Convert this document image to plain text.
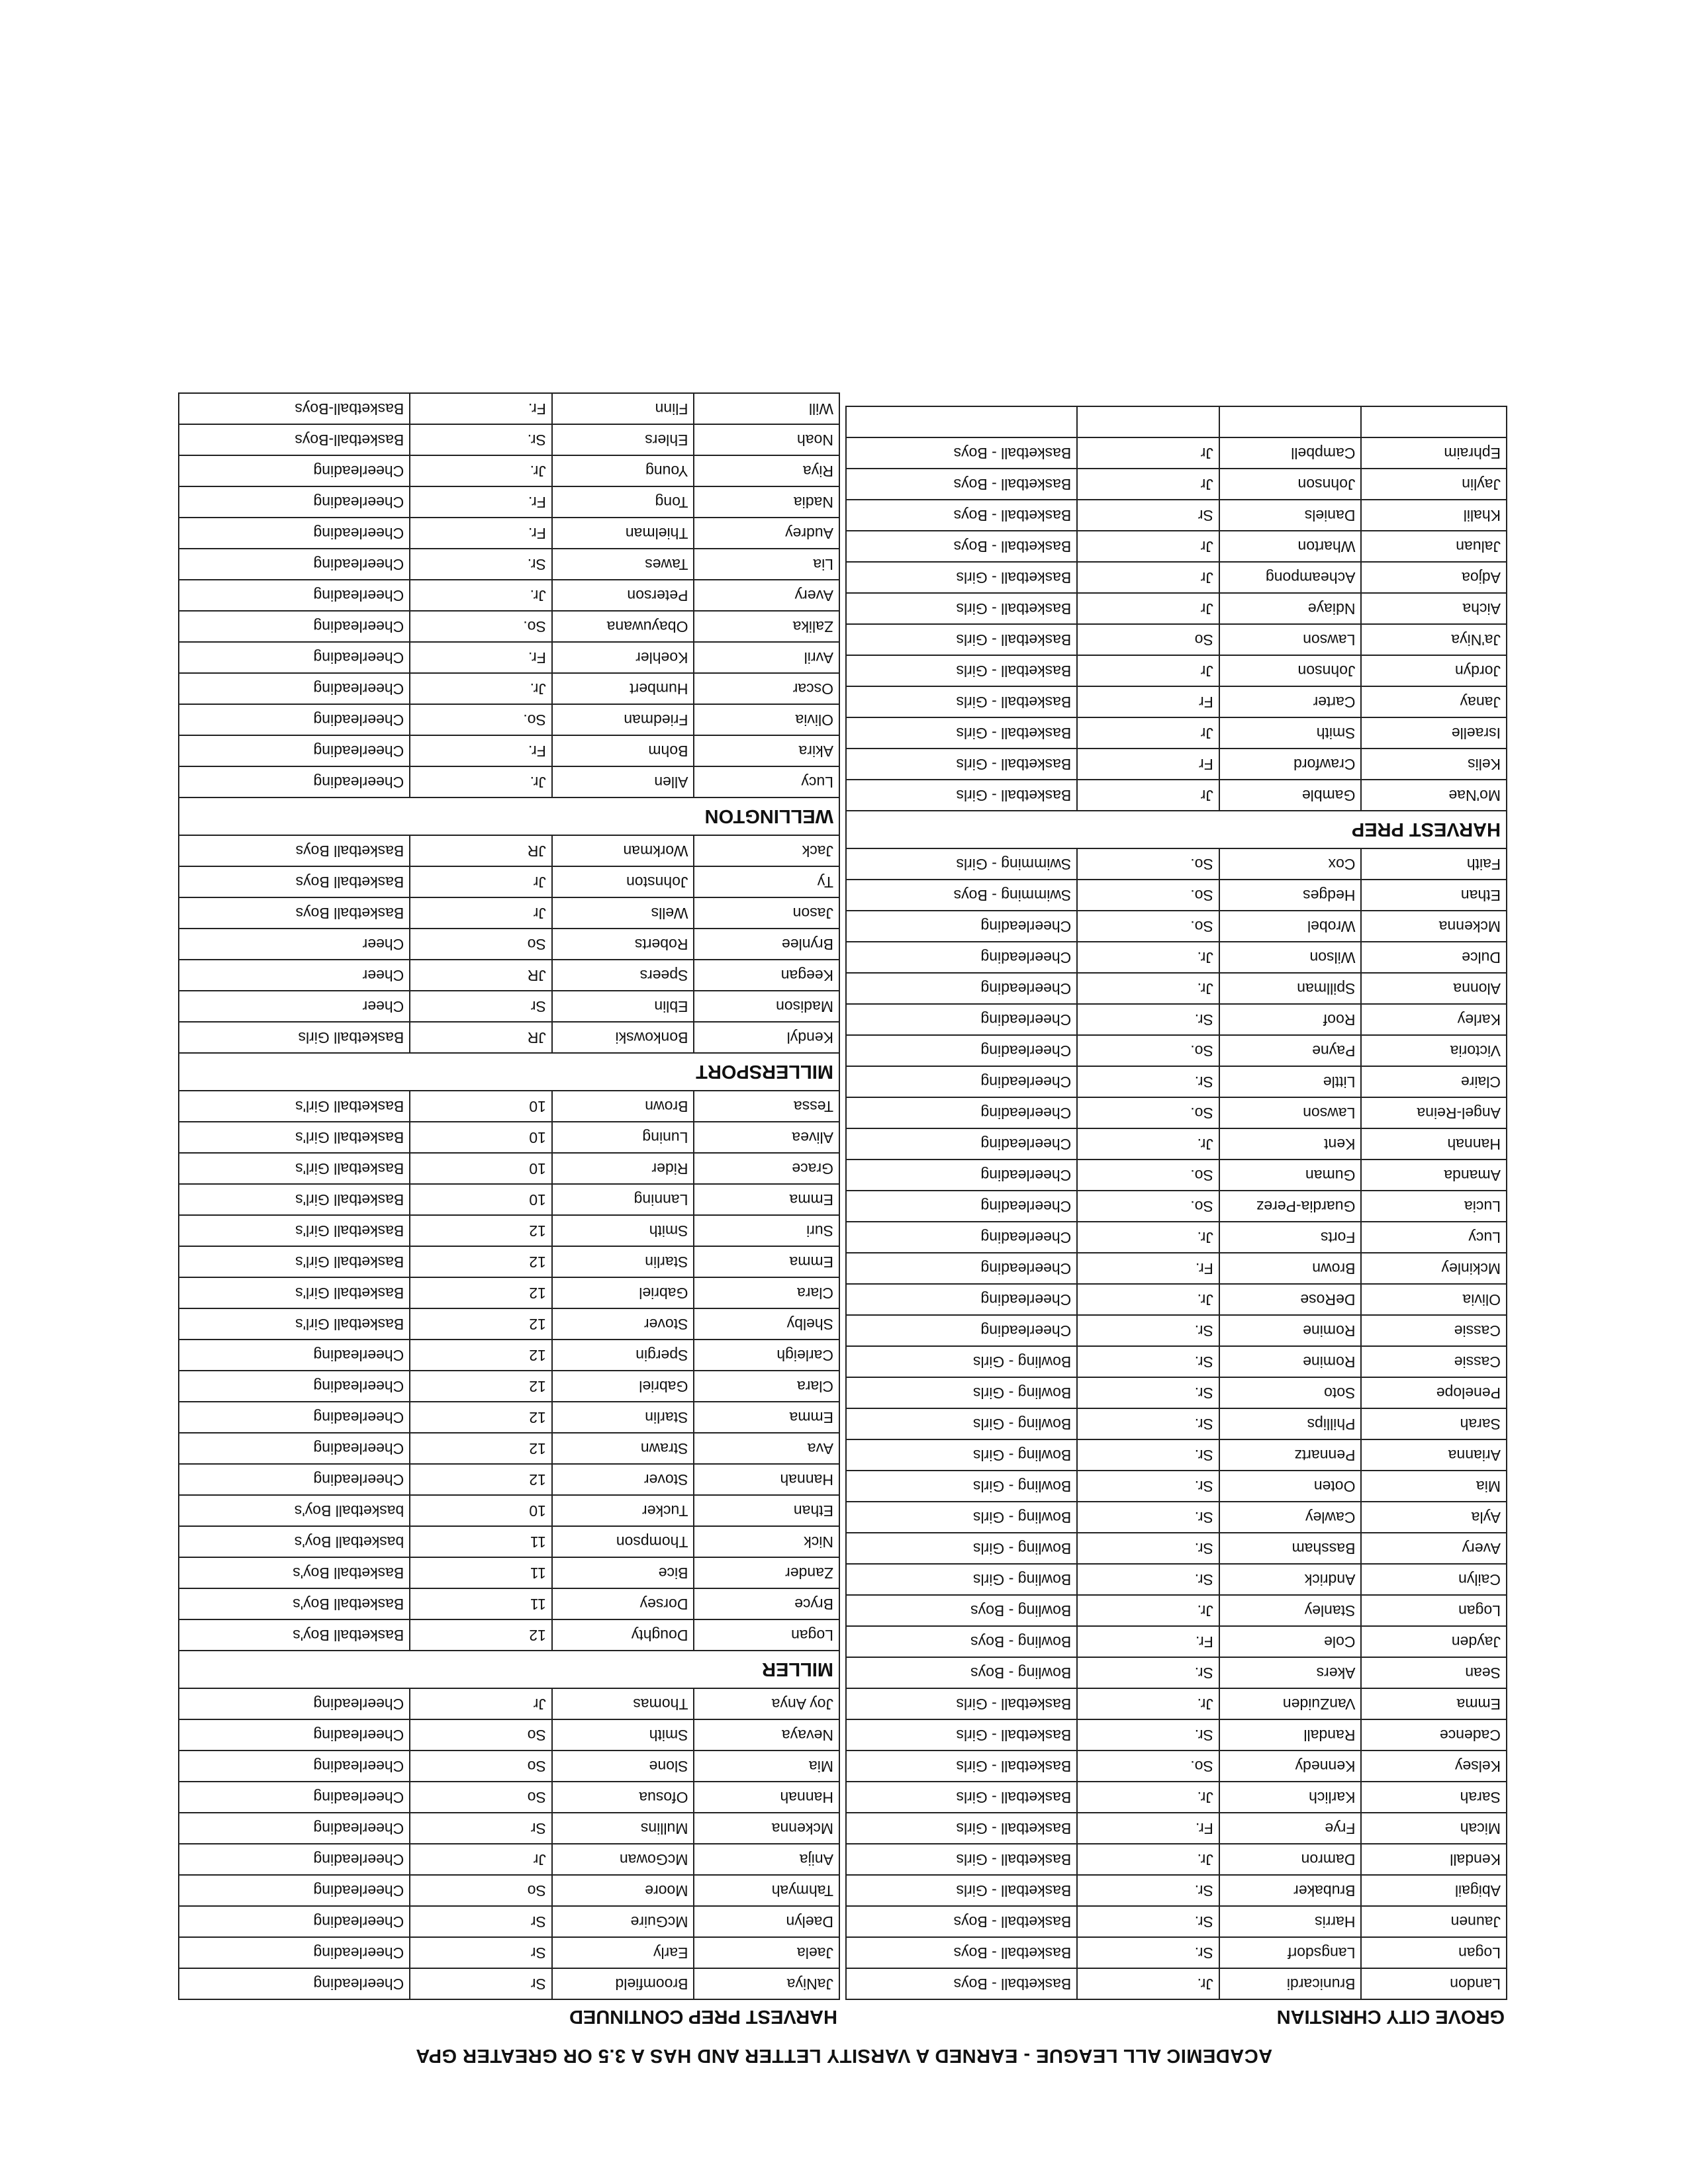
ACADEMIC ALL LEAGUE - EARNED A VARSITY LETTER AND HAS A 3.5 OR GREATER GPA
GROVE CITY CHRISTIAN
Landon
Brunicardi
Jr.
Basketball - Boys
Logan
Langsdorf
Sr.
Basketball - Boys
Jaunen
Harris
Sr.
Basketball - Boys
Abigail
Brubaker
Sr.
Basketball - Girls
Kendall
Damron
Jr.
Basketball - Girls
Micah
Frye
Fr.
Basketball - Girls
Sarah
Karlich
Jr.
Basketball - Girls
Kelsey
Kennedy
So.
Basketball - Girls
Cadence
Randall
Sr.
Basketball - Girls
Emma
VanZuiden
Jr.
Basketball - Girls
Sean
Akers
Sr.
Bowling - Boys
Jayden
Cole
Fr.
Bowling - Boys
Logan
Stanley
Jr.
Bowling - Boys
Cailyn
Andrick
Sr.
Bowling - Girls
Avery
Bassham
Sr.
Bowling - Girls
Ayla
Cawley
Sr.
Bowling - Girls
Mia
Ooten
Sr.
Bowling - Girls
Arianna
Pennartz
Sr.
Bowling - Girls
Sarah
Phillips
Sr.
Bowling - Girls
Penelope
Soto
Sr.
Bowling - Girls
Cassie
Romine
Sr.
Bowling - Girls
Cassie
Romine
Sr.
Cheerleading
Olivia
DeRose
Jr.
Cheerleading
Mckinley
Brown
Fr.
Cheerleading
Lucy
Forts
Jr.
Cheerleading
Lucia
Guardia-Perez
So.
Cheerleading
Amanda
Guman
So.
Cheerleading
Hannah
Kent
Jr.
Cheerleading
Angel-Reina
Lawson
So.
Cheerleading
Claire
Little
Sr.
Cheerleading
Victoria
Payne
So.
Cheerleading
Karley
Roof
Sr.
Cheerleading
Alonna
Spillman
Jr.
Cheerleading
Dulce
Wilson
Jr.
Cheerleading
Mckenna
Wrobel
So.
Cheerleading
Ethan
Hedges
So.
Swimming - Boys
Faith
Cox
So.
Swimming - Girls
HARVEST PREP
Mo'Nae
Gamble
Jr
Basketball - Girls
Kelis
Crawford
Fr
Basketball - Girls
Israelle
Smith
Jr
Basketball - Girls
Janay
Carter
Fr
Basketball - Girls
Jordyn
Johnson
Jr
Basketball - Girls
Ja'Niya
Lawson
So
Basketball - Girls
Aicha
Ndiaye
Jr
Basketball - Girls
Adjoa
Acheampong
Jr
Basketball - Girls
Jaluan
Wharton
Jr
Basketball - Boys
Khalil
Daniels
Sr
Basketball - Boys
Jaylin
Johnson
Jr
Basketball - Boys
Ephraim
Campbell
Jr
Basketball - Boys
HARVEST PREP CONTINUED
JaNiya
Broomfield
Sr
Cheerleading
Jaela
Early
Sr
Cheerleading
Daelyn
McGuire
Sr
Cheerleading
Tahmyah
Moore
So
Cheerleading
Anija
McGowan
Jr
Cheerleading
Mckenna
Mullins
Sr
Cheerleading
Hannah
Ofosua
So
Cheerleading
Mia
Slone
So
Cheerleading
Nevaya
Smith
So
Cheerleading
Joy Anya
Thomas
Jr
Cheerleading
MILLER
Logan
Doughty
12
Basketball Boy's
Bryce
Dorsey
11
Basketball Boy's
Zander
Bice
11
Basketball Boy's
Nick
Thompson
11
basketball Boy's
Ethan
Tucker
10
basketball Boy's
Hannah
Stover
12
Cheerleading
Ava
Strawn
12
Cheerleading
Emma
Starlin
12
Cheerleading
Clara
Gabriel
12
Cheerleading
Carleigh
Spergin
12
Cheerleading
Shelby
Stover
12
Basketball Girl's
Clara
Gabriel
12
Basketball Girl's
Emma
Starlin
12
Basketball Girl's
Suri
Smith
12
Basketball Girl's
Emma
Lanning
10
Basketball Girl's
Grace
Rider
10
Basketball Girl's
Alivea
Luning
10
Basketball Girl's
Tessa
Brown
10
Basketball Girl's
MILLERSPORT
Kendyl
Bonkowski
JR
Basketball Girls
Madison
Eblin
Sr
Cheer
Keegan
Speers
JR
Cheer
Brynlee
Roberts
So
Cheer
Jason
Wells
Jr
Basketball Boys
Ty
Johnston
Jr
Basketball Boys
Jack
Workman
JR
Basketball Boys
WELLINGTON
Lucy
Allen
Jr.
Cheerleading
Akira
Bohm
Fr.
Cheerleading
Olivia
Friedman
So.
Cheerleading
Oscar
Humbert
Jr.
Cheerleading
Avril
Koehler
Fr.
Cheerleading
Zalika
Obayuwana
So.
Cheerleading
Avery
Peterson
Jr.
Cheerleading
Lia
Tawes
Sr.
Cheerleading
Audrey
Thielman
Fr.
Cheerleading
Nadia
Tong
Fr.
Cheerleading
Riya
Young
Jr.
Cheerleading
Noah
Ehlers
Sr.
Basketball-Boys
Will
Flinn
Fr.
Basketball-Boys
